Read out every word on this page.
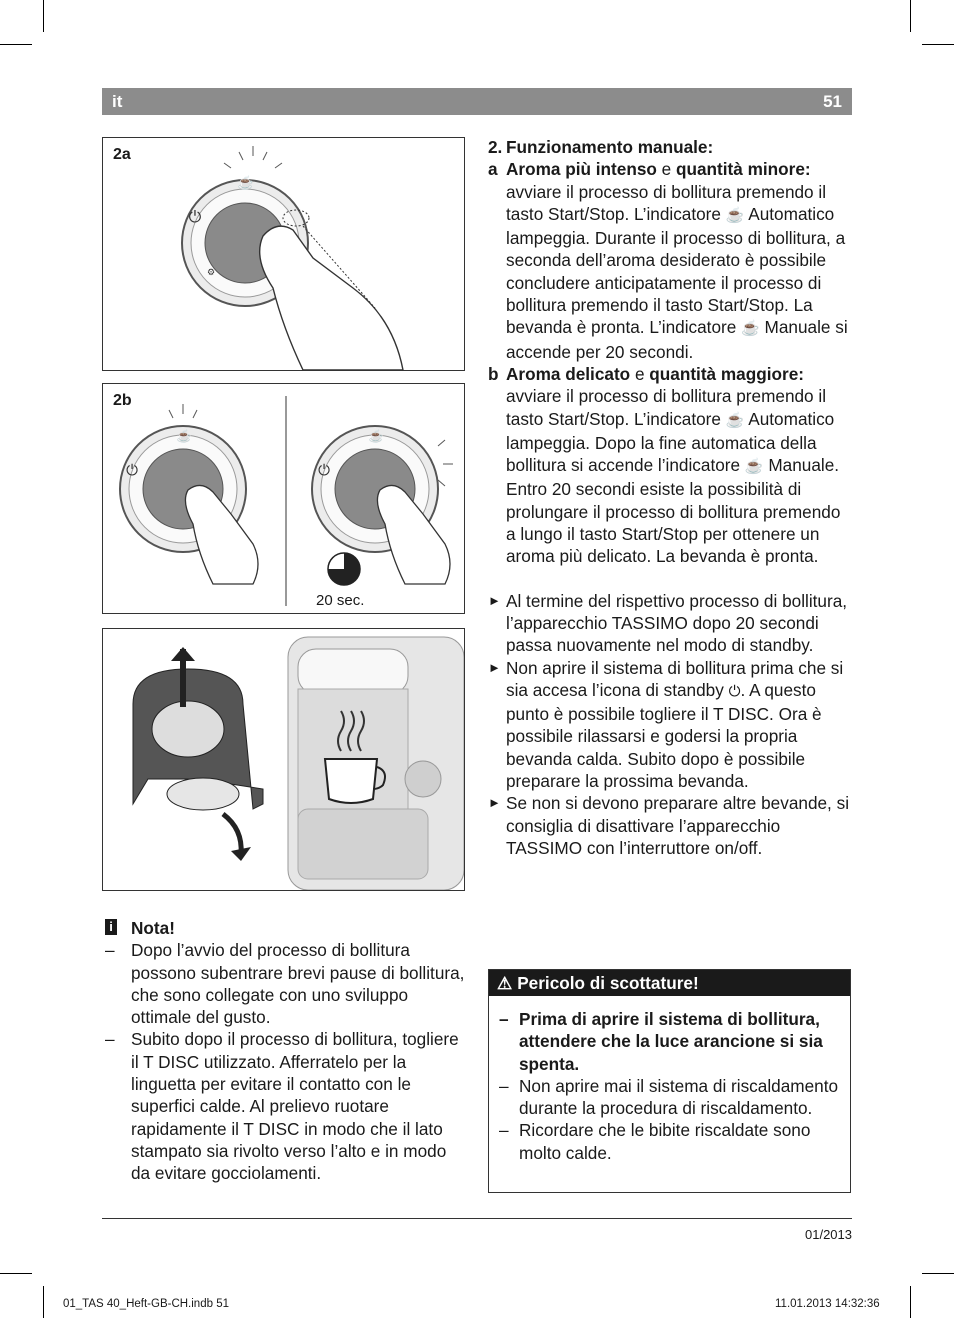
it	51
2a
☕
⏻
⚙
2b
☕
⏻
☕
⏻
20 sec.
i Nota!
– Dopo l’avvio del processo di bollitura possono subentrare brevi pause di bollitura, che sono collegate con uno sviluppo ottimale del gusto.
– Subito dopo il processo di bollitura, togliere il T DISC utilizzato. Afferratelo per la linguetta per evitare il contatto con le superfici calde. Al prelievo ruotare rapidamente il T DISC in modo che il lato stampato sia rivolto verso l’alto e in modo da evitare gocciolamenti.
2. Funzionamento manuale:
a Aroma più intenso e quantità minore:
avviare il processo di bollitura premendo il tasto Start/Stop. L’indicatore ☕ Automatico lampeggia. Durante il processo di bollitura, a seconda dell’aroma desiderato è possibile concludere anticipatamente il processo di bollitura premendo il tasto Start/Stop. La bevanda è pronta. L’indicatore ☕ Manuale si accende per 20 secondi.
b Aroma delicato e quantità maggiore:
avviare il processo di bollitura premendo il tasto Start/Stop. L’indicatore ☕ Automatico lampeggia. Dopo la fine automatica della bollitura si accende l’indicatore ☕ Manuale. Entro 20 secondi esiste la possibilità di prolungare il processo di bollitura premendo a lungo il tasto Start/Stop per ottenere un aroma più delicato. La bevanda è pronta.
► Al termine del rispettivo processo di bollitura, l’apparecchio TASSIMO dopo 20 secondi passa nuovamente nel modo di standby.
► Non aprire il sistema di bollitura prima che si sia accesa l’icona di standby ⏻. A questo punto è possibile togliere il T DISC. Ora è possibile rilassarsi e godersi la propria bevanda calda. Subito dopo è possibile preparare la prossima bevanda.
► Se non si devono preparare altre bevande, si consiglia di disattivare l’apparecchio TASSIMO con l’interruttore on/off.
⚠ Pericolo di scottature!
– Prima di aprire il sistema di bollitura, attendere che la luce arancione si sia spenta.
– Non aprire mai il sistema di riscaldamento durante la procedura di riscaldamento.
– Ricordare che le bibite riscaldate sono molto calde.
01/2013
01_TAS 40_Heft-GB-CH.indb 51	11.01.2013 14:32:36
